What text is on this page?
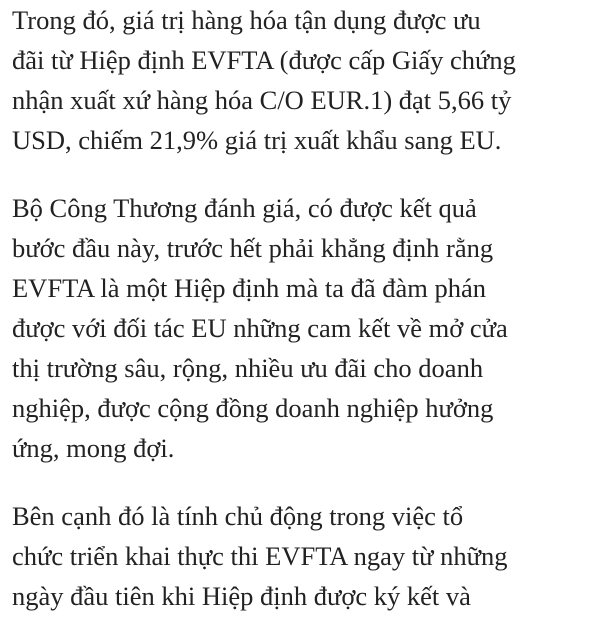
Trong đó, giá trị hàng hóa tận dụng được ưu
đãi từ Hiệp định EVFTA (được cấp Giấy chứng
nhận xuất xứ hàng hóa C/O EUR.1) đạt 5,66 tỷ
USD, chiếm 21,9% giá trị xuất khẩu sang EU.

Bộ Công Thương đánh giá, có được kết quả
bước đầu này, trước hết phải khẳng định rằng
EVFTA là một Hiệp định mà ta đã đàm phán
được với đối tác EU những cam kết về mở cửa
thị trường sâu, rộng, nhiều ưu đãi cho doanh
nghiệp, được cộng đồng doanh nghiệp hưởng
ứng, mong đợi.

Bên cạnh đó là tính chủ động trong việc tổ
chức triển khai thực thi EVFTA ngay từ những
ngày đầu tiên khi Hiệp định được ký kết và
